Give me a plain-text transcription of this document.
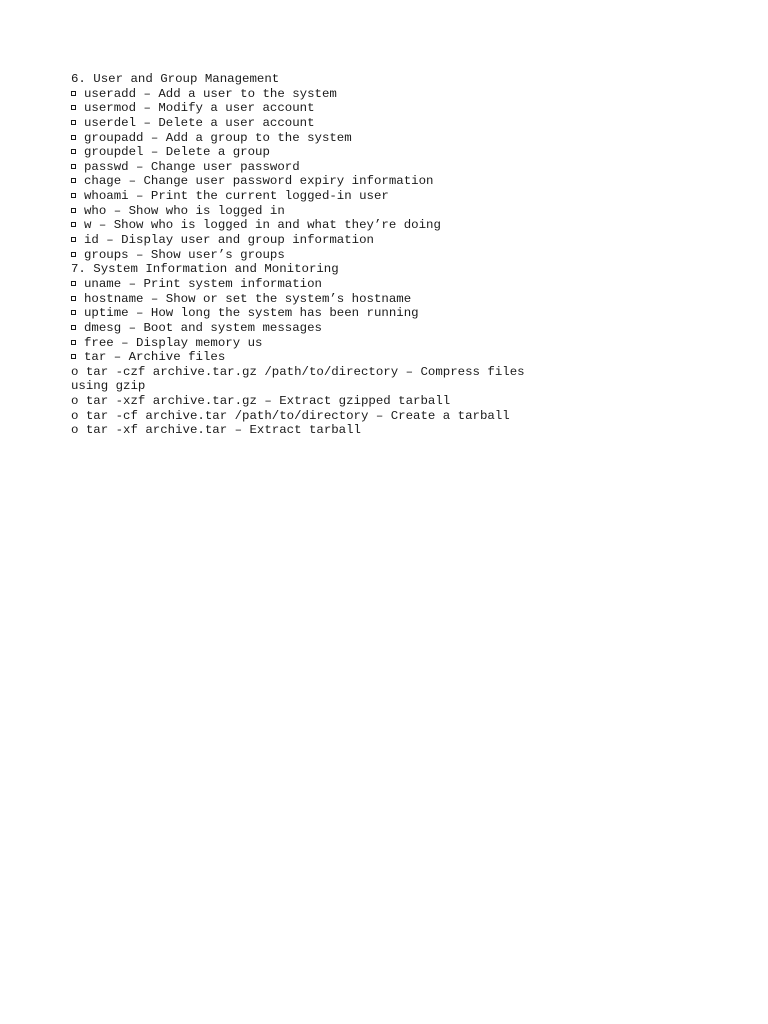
6. User and Group Management
useradd – Add a user to the system
usermod – Modify a user account
userdel – Delete a user account
groupadd – Add a group to the system
groupdel – Delete a group
passwd – Change user password
chage – Change user password expiry information
whoami – Print the current logged-in user
who – Show who is logged in
w – Show who is logged in and what they’re doing
id – Display user and group information
groups – Show user’s groups
7. System Information and Monitoring
uname – Print system information
hostname – Show or set the system’s hostname
uptime – How long the system has been running
dmesg – Boot and system messages
free – Display memory us
tar – Archive files
o tar -czf archive.tar.gz /path/to/directory – Compress files
using gzip
o tar -xzf archive.tar.gz – Extract gzipped tarball
o tar -cf archive.tar /path/to/directory – Create a tarball
o tar -xf archive.tar – Extract tarball
